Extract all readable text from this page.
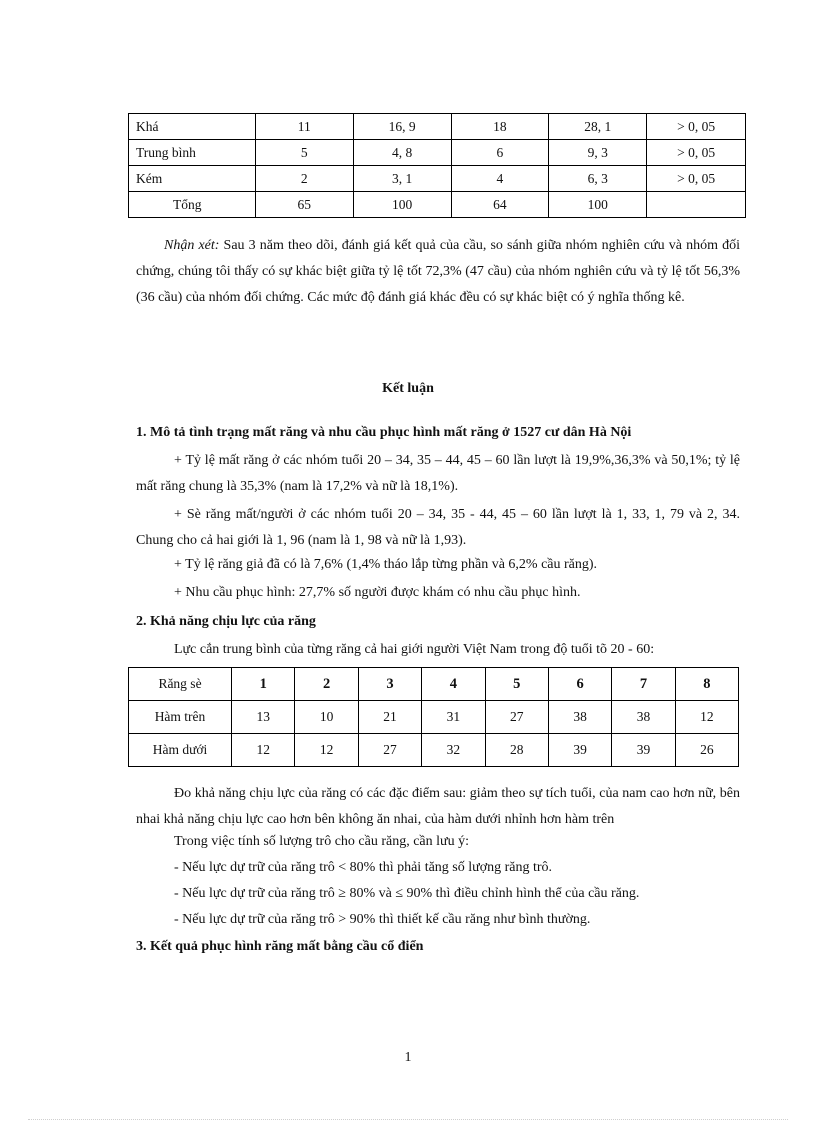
Khá	11	16, 9	18	28, 1	> 0, 05
Trung bình	5	4, 8	6	9, 3	> 0, 05
Kém	2	3, 1	4	6, 3	> 0, 05
Tổng	65	100	64	100	
Nhận xét: Sau 3 năm theo dõi, đánh giá kết quả của cầu, so sánh giữa nhóm nghiên cứu và nhóm đối chứng, chúng tôi thấy có sự khác biệt giữa tỷ lệ tốt 72,3% (47 cầu) của nhóm nghiên cứu và tỷ lệ tốt 56,3% (36 cầu) của nhóm đối chứng. Các mức độ đánh giá khác đều có sự khác biệt có ý nghĩa thống kê.
Kết luận
1. Mô tả tình trạng mất răng và nhu cầu phục hình mất răng ở 1527 cư dân Hà Nội
+ Tỷ lệ mất răng ở các nhóm tuổi 20 – 34, 35 – 44, 45 – 60 lần lượt là 19,9%,36,3% và 50,1%; tỷ lệ mất răng chung là 35,3% (nam là 17,2% và nữ là 18,1%).
+ Sè răng mất/người ở các nhóm tuổi 20 – 34, 35 - 44, 45 – 60 lần lượt là 1, 33, 1, 79 và 2, 34. Chung cho cả hai giới là 1, 96 (nam là 1, 98 và nữ là 1,93).
+ Tỷ lệ răng giả đã có là 7,6% (1,4% tháo lắp từng phần và 6,2% cầu răng).
+ Nhu cầu phục hình: 27,7% số người được khám có nhu cầu phục hình.
2. Khả năng chịu lực của răng
Lực cắn trung bình của từng răng cả hai giới người Việt Nam trong độ tuổi tõ 20 - 60:
Răng sè	1	2	3	4	5	6	7	8
Hàm trên	13	10	21	31	27	38	38	12
Hàm dưới	12	12	27	32	28	39	39	26
Đo khả năng chịu lực của răng có các đặc điểm sau: giảm theo sự tích tuổi, của nam cao hơn nữ, bên nhai khả năng chịu lực cao hơn bên không ăn nhai, của hàm dưới nhỉnh hơn hàm trên
Trong việc tính số lượng trô cho cầu răng, cần lưu ý:
- Nếu lực dự trữ của răng trô < 80% thì phải tăng số lượng răng trô.
- Nếu lực dự trữ của răng trô ≥ 80% và ≤ 90% thì điều chỉnh hình thể của cầu răng.
- Nếu lực dự trữ của răng trô > 90% thì thiết kế cầu răng như bình thường.
3. Kết quả phục hình răng mất bằng cầu cổ điển
1
